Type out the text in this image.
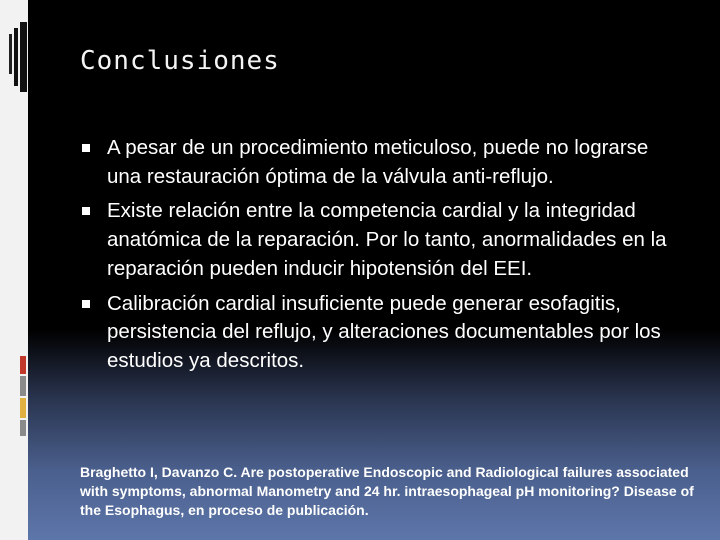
Conclusiones
A pesar de un procedimiento meticuloso, puede no lograrse una restauración óptima de la válvula anti-reflujo.
Existe relación entre la competencia cardial y la integridad anatómica de la reparación. Por lo tanto, anormalidades en la reparación pueden inducir hipotensión del EEI.
Calibración cardial insuficiente puede generar esofagitis, persistencia del reflujo, y alteraciones documentables por los estudios ya descritos.
Braghetto I, Davanzo C. Are postoperative Endoscopic and Radiological failures associated with symptoms, abnormal Manometry and 24 hr. intraesophageal pH monitoring? Disease of the Esophagus, en proceso de publicación.
